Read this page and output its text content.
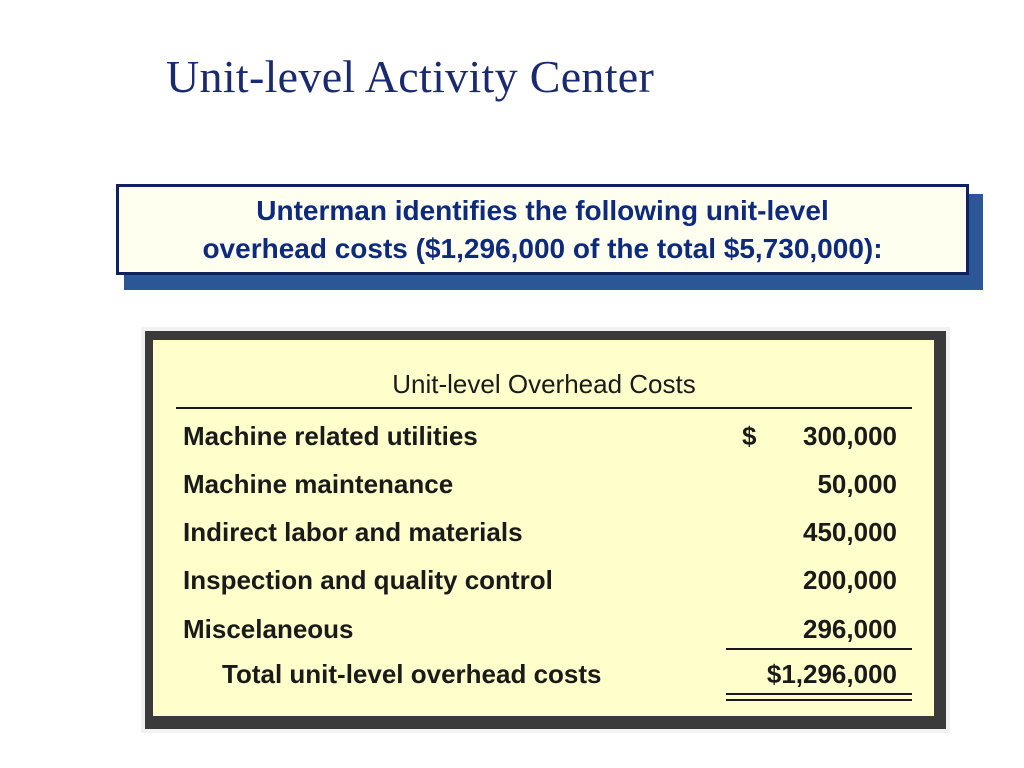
Unit-level Activity Center

Unterman identifies the following unit-level
overhead costs ($1,296,000 of the total $5,730,000):

Unit-level Overhead Costs
Machine related utilities	$ 300,000
Machine maintenance	50,000
Indirect labor and materials	450,000
Inspection and quality control	200,000
Miscelaneous	296,000
Total unit-level overhead costs	$1,296,000
